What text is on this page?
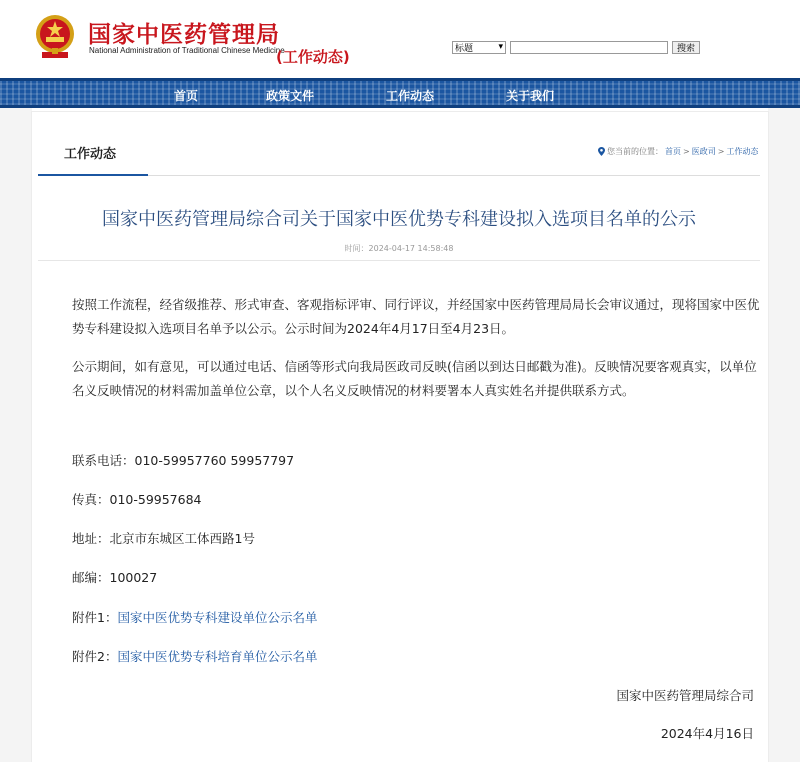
国家中医药管理局
National Administration of Traditional Chinese Medicine
(工作动态)	标题	▾	搜索
首页	政策文件	工作动态	关于我们
工作动态	您当前的位置： 首页 > 医政司 > 工作动态
国家中医药管理局综合司关于国家中医优势专科建设拟入选项目名单的公示
时间：2024-04-17 14:58:48
按照工作流程，经省级推荐、形式审查、客观指标评审、同行评议，并经国家中医药管理局局长会审议通过，现将国家中医优势专科建设拟入选项目名单予以公示。公示时间为2024年4月17日至4月23日。
公示期间，如有意见，可以通过电话、信函等形式向我局医政司反映(信函以到达日邮戳为准)。反映情况要客观真实，以单位名义反映情况的材料需加盖单位公章，以个人名义反映情况的材料要署本人真实姓名并提供联系方式。
联系电话：010-59957760 59957797
传真：010-59957684
地址：北京市东城区工体西路1号
邮编：100027
附件1：国家中医优势专科建设单位公示名单
附件2：国家中医优势专科培育单位公示名单
国家中医药管理局综合司
2024年4月16日
